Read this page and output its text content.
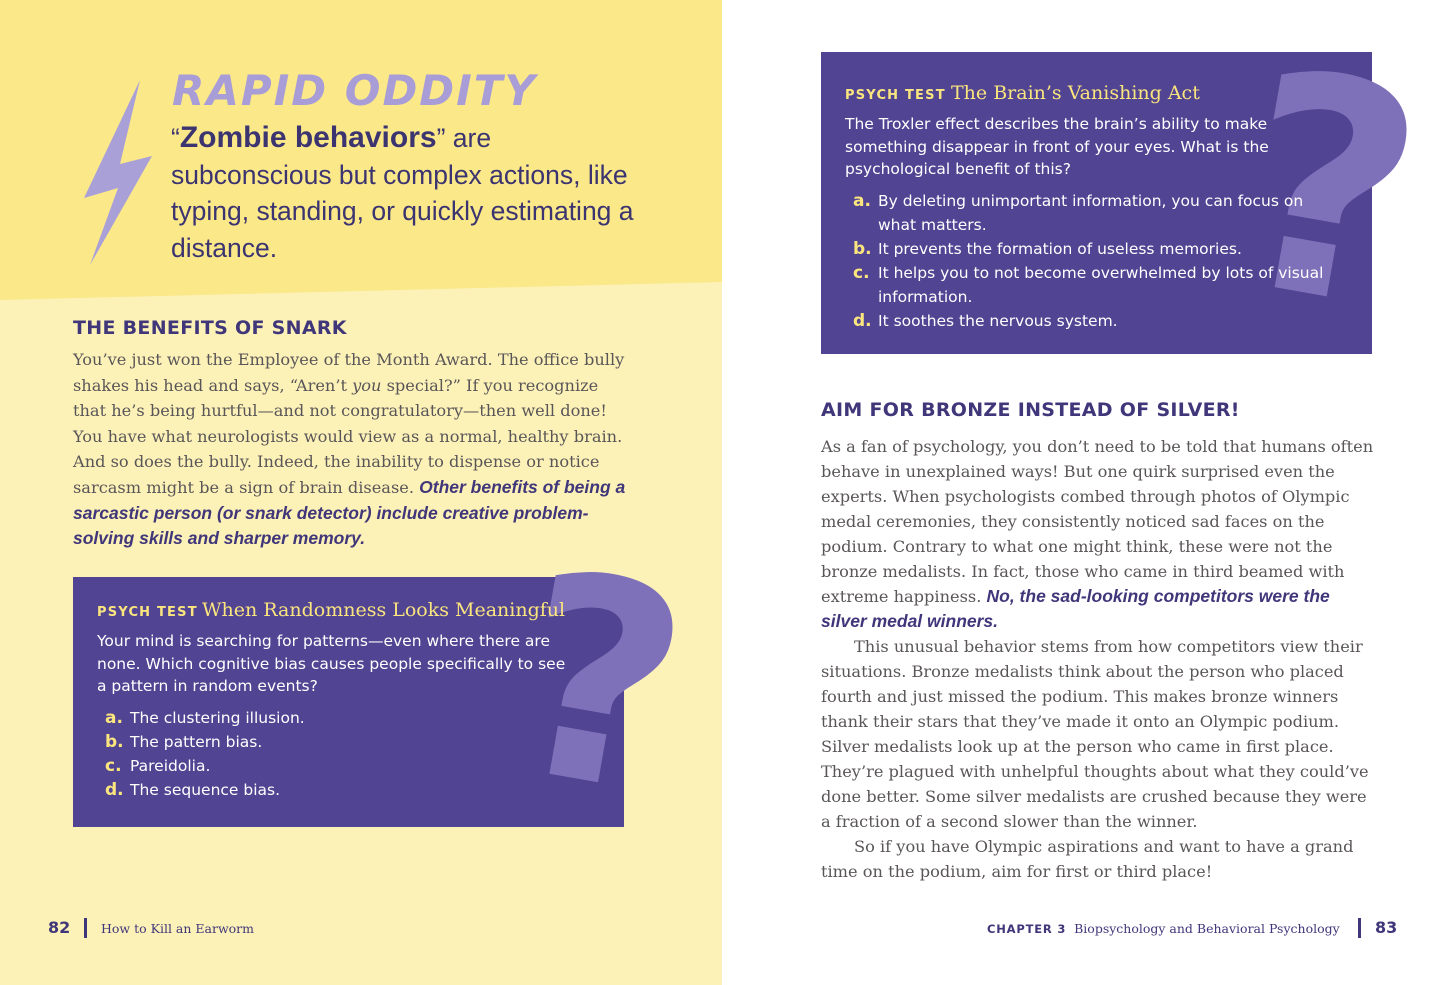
RAPID ODDITY

“Zombie behaviors” are subconscious but complex actions, like typing, standing, or quickly estimating a distance.

THE BENEFITS OF SNARK

You’ve just won the Employee of the Month Award. The office bully shakes his head and says, “Aren’t you special?” If you recognize that he’s being hurtful—and not congratulatory—then well done! You have what neurologists would view as a normal, healthy brain. And so does the bully. Indeed, the inability to dispense or notice sarcasm might be a sign of brain disease. Other benefits of being a sarcastic person (or snark detector) include creative problem-solving skills and sharper memory. ?
PSYCH TEST When Randomness Looks Meaningful

Your mind is searching for patterns—even where there are none. Which cognitive bias causes people specifically to see a pattern in random events?

a. The clustering illusion.
b. The pattern bias.
c. Pareidolia.
d. The sequence bias.
82 How to Kill an Earworm
?
PSYCH TEST The Brain’s Vanishing Act

The Troxler effect describes the brain’s ability to make something disappear in front of your eyes. What is the psychological benefit of this?

a. By deleting unimportant information, you can focus on what matters.
b. It prevents the formation of useless memories.
c. It helps you to not become overwhelmed by lots of visual information.
d. It soothes the nervous system.
AIM FOR BRONZE INSTEAD OF SILVER!
As a fan of psychology, you don’t need to be told that humans often behave in unexplained ways! But one quirk surprised even the experts. When psychologists combed through photos of Olympic medal ceremonies, they consistently noticed sad faces on the podium. Contrary to what one might think, these were not the bronze medalists. In fact, those who came in third beamed with extreme happiness. No, the sad-looking competitors were the silver medal winners.
This unusual behavior stems from how competitors view their situations. Bronze medalists think about the person who placed fourth and just missed the podium. This makes bronze winners thank their stars that they’ve made it onto an Olympic podium. Silver medalists look up at the person who came in first place. They’re plagued with unhelpful thoughts about what they could’ve done better. Some silver medalists are crushed because they were a fraction of a second slower than the winner.
So if you have Olympic aspirations and want to have a grand time on the podium, aim for first or third place!
CHAPTER 3 Biopsychology and Behavioral Psychology 83
